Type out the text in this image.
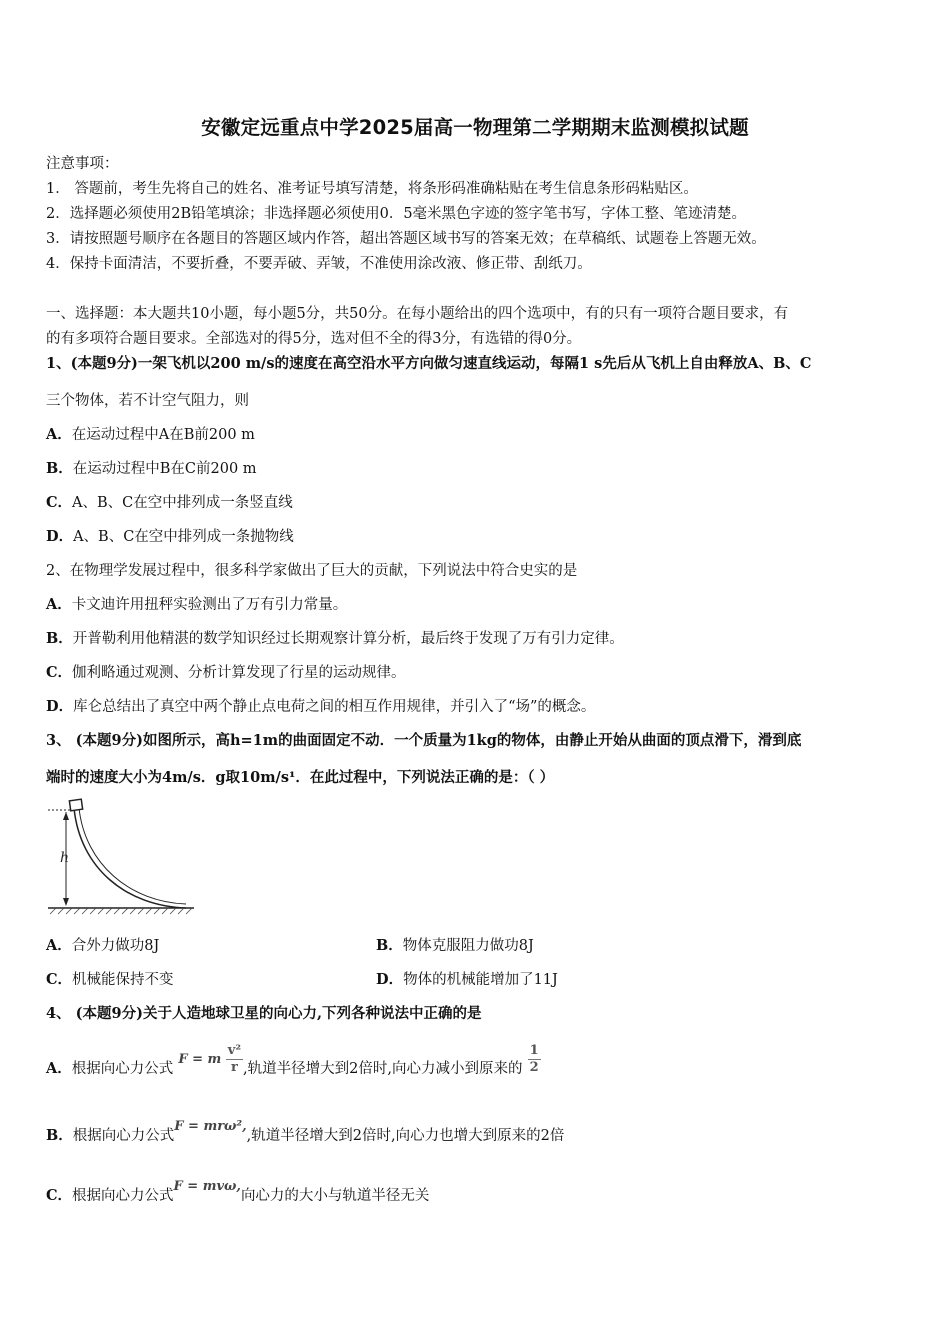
安徽定远重点中学2025届高一物理第二学期期末监测模拟试题
注意事项：
1． 答题前，考生先将自己的姓名、准考证号填写清楚，将条形码准确粘贴在考生信息条形码粘贴区。
2．选择题必须使用2B铅笔填涂；非选择题必须使用0．5毫米黑色字迹的签字笔书写，字体工整、笔迹清楚。
3．请按照题号顺序在各题目的答题区域内作答，超出答题区域书写的答案无效；在草稿纸、试题卷上答题无效。
4．保持卡面清洁，不要折叠，不要弄破、弄皱，不准使用涂改液、修正带、刮纸刀。
一、选择题：本大题共10小题，每小题5分，共50分。在每小题给出的四个选项中，有的只有一项符合题目要求，有
的有多项符合题目要求。全部选对的得5分，选对但不全的得3分，有选错的得0分。
1、(本题9分)一架飞机以200 m/s的速度在高空沿水平方向做匀速直线运动，每隔1 s先后从飞机上自由释放A、B、C
三个物体，若不计空气阻力，则
A．在运动过程中A在B前200 m
B．在运动过程中B在C前200 m
C．A、B、C在空中排列成一条竖直线
D．A、B、C在空中排列成一条抛物线
2、在物理学发展过程中，很多科学家做出了巨大的贡献，下列说法中符合史实的是
A．卡文迪许用扭秤实验测出了万有引力常量。
B．开普勒利用他精湛的数学知识经过长期观察计算分析，最后终于发现了万有引力定律。
C．伽利略通过观测、分析计算发现了行星的运动规律。
D．库仑总结出了真空中两个静止点电荷之间的相互作用规律，并引入了“场”的概念。
3、 (本题9分)如图所示，高h=1m的曲面固定不动．一个质量为1kg的物体，由静止开始从曲面的顶点滑下，滑到底
端时的速度大小为4m/s．g取10m/s¹．在此过程中，下列说法正确的是：（ ）
h
A．合外力做功8J	B．物体克服阻力做功8J
C．机械能保持不变	D．物体的机械能增加了11J
4、 (本题9分)关于人造地球卫星的向心力,下列各种说法中正确的是
A．根据向心力公式 F = m $\frac{\text{v²}}{r}$ ,轨道半径增大到2倍时,向心力减小到原来的 $\frac{1}{2}$
B．根据向心力公式F = mrω²,,轨道半径增大到2倍时,向心力也增大到原来的2倍
C．根据向心力公式F = mvω,向心力的大小与轨道半径无关
